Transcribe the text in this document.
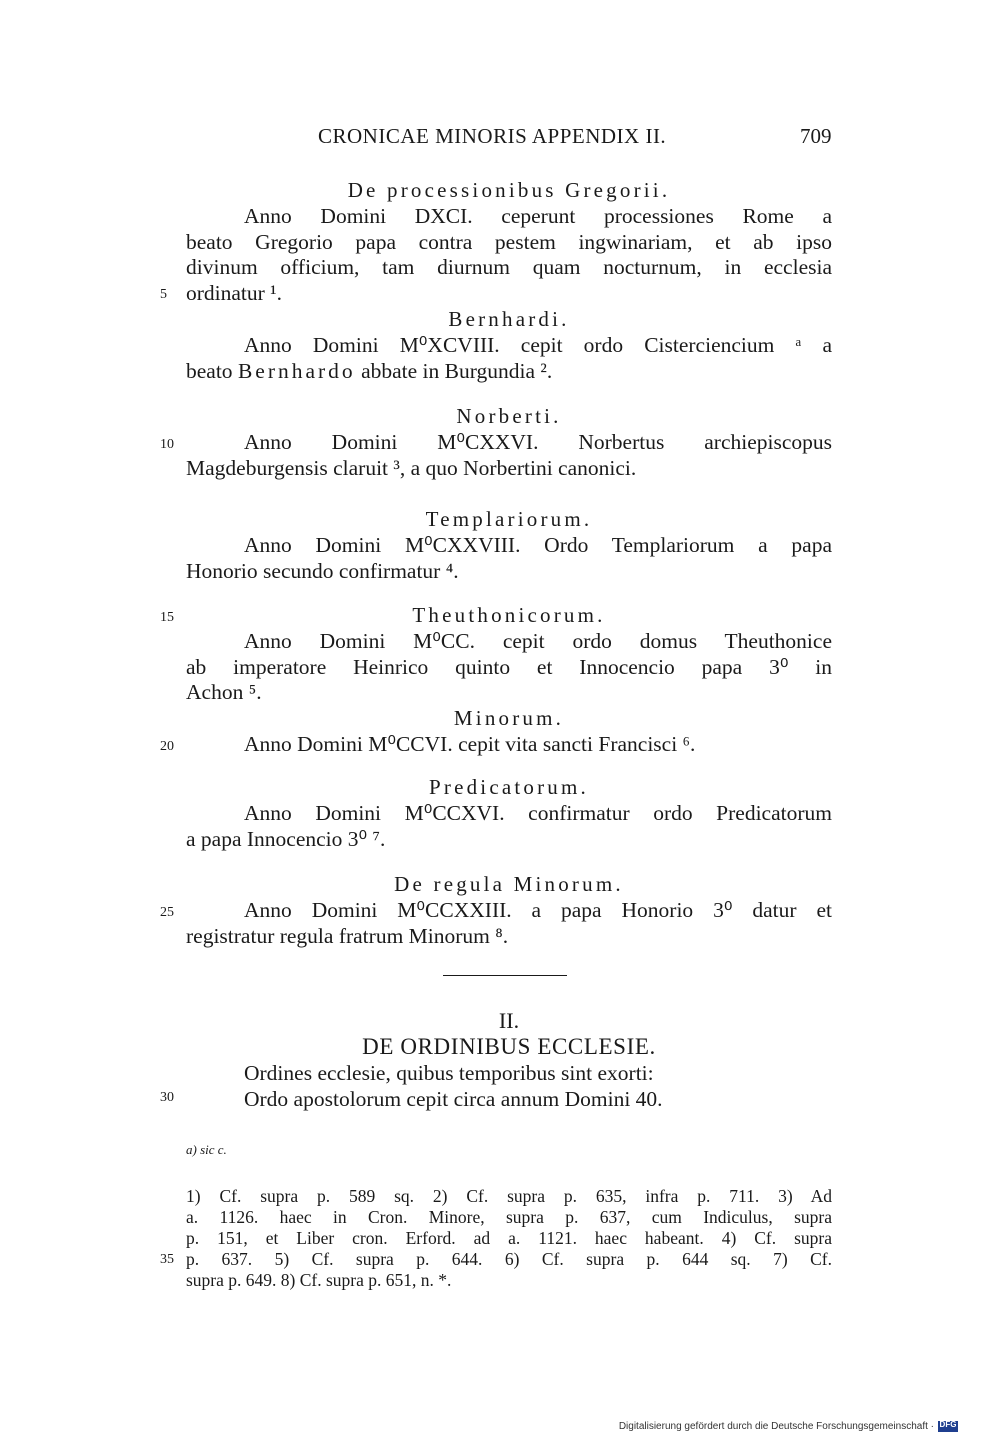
CRONICAE MINORIS APPENDIX II.	709
De processionibus Gregorii.
Anno Domini DXCI. ceperunt processiones Rome a
beato Gregorio papa contra pestem ingwinariam, et ab ipso
divinum officium, tam diurnum quam nocturnum, in ecclesia
ordinatur ¹.
Bernhardi.
Anno Domini M⁰XCVIII. cepit ordo Cisterciencium ᵃ a
beato Bernhardo abbate in Burgundia ².
Norberti.
Anno Domini M⁰CXXVI. Norbertus archiepiscopus
Magdeburgensis claruit ³, a quo Norbertini canonici.
Templariorum.
Anno Domini M⁰CXXVIII. Ordo Templariorum a papa
Honorio secundo confirmatur ⁴.
Theuthonicorum.
Anno Domini M⁰CC. cepit ordo domus Theuthonice
ab imperatore Heinrico quinto et Innocencio papa 3⁰ in
Achon ⁵.
Minorum.
Anno Domini M⁰CCVI. cepit vita sancti Francisci ⁶.
Predicatorum.
Anno Domini M⁰CCXVI. confirmatur ordo Predicatorum
a papa Innocencio 3⁰ ⁷.
De regula Minorum.
Anno Domini M⁰CCXXIII. a papa Honorio 3⁰ datur et
registratur regula fratrum Minorum ⁸.
II.
DE ORDINIBUS ECCLESIE.
Ordines ecclesie, quibus temporibus sint exorti:
Ordo apostolorum cepit circa annum Domini 40.
5
10
15
20
25
30
35
a) sic c.
1) Cf. supra p. 589 sq. 2) Cf. supra p. 635, infra p. 711. 3) Ad
a. 1126. haec in Cron. Minore, supra p. 637, cum Indiculus, supra
p. 151, et Liber cron. Erford. ad a. 1121. haec habeant. 4) Cf. supra
p. 637. 5) Cf. supra p. 644. 6) Cf. supra p. 644 sq. 7) Cf.
supra p. 649. 8) Cf. supra p. 651, n. *.
Digitalisierung gefördert durch die Deutsche Forschungsgemeinschaft · DFG
